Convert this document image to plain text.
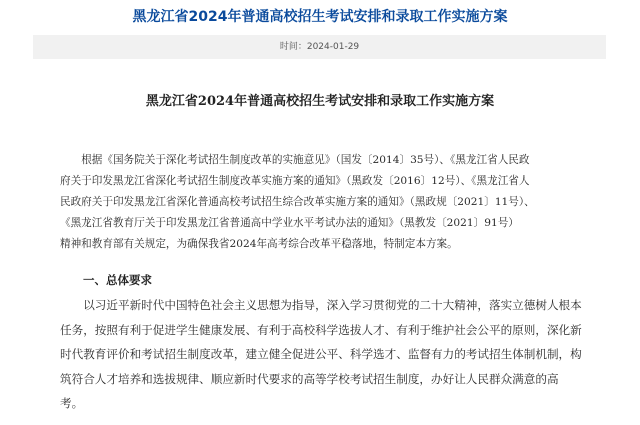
黑龙江省2024年普通高校招生考试安排和录取工作实施方案
时间：2024-01-29
黑龙江省2024年普通高校招生考试安排和录取工作实施方案

根据《国务院关于深化考试招生制度改革的实施意见》（国发〔2014〕35号）、《黑龙江省人民政
府关于印发黑龙江省深化考试招生制度改革实施方案的通知》（黑政发〔2016〕12号）、《黑龙江省人
民政府关于印发黑龙江省深化普通高校考试招生综合改革实施方案的通知》（黑政规〔2021〕11号）、
《黑龙江省教育厅关于印发黑龙江省普通高中学业水平考试办法的通知》（黑教发〔2021〕91号）
精神和教育部有关规定，为确保我省2024年高考综合改革平稳落地，特制定本方案。

一、总体要求

以习近平新时代中国特色社会主义思想为指导，深入学习贯彻党的二十大精神，落实立德树人根本
任务，按照有利于促进学生健康发展、有利于高校科学选拔人才、有利于维护社会公平的原则，深化新
时代教育评价和考试招生制度改革，建立健全促进公平、科学选才、监督有力的考试招生体制机制，构
筑符合人才培养和选拔规律、顺应新时代要求的高等学校考试招生制度，办好让人民群众满意的高
考。
